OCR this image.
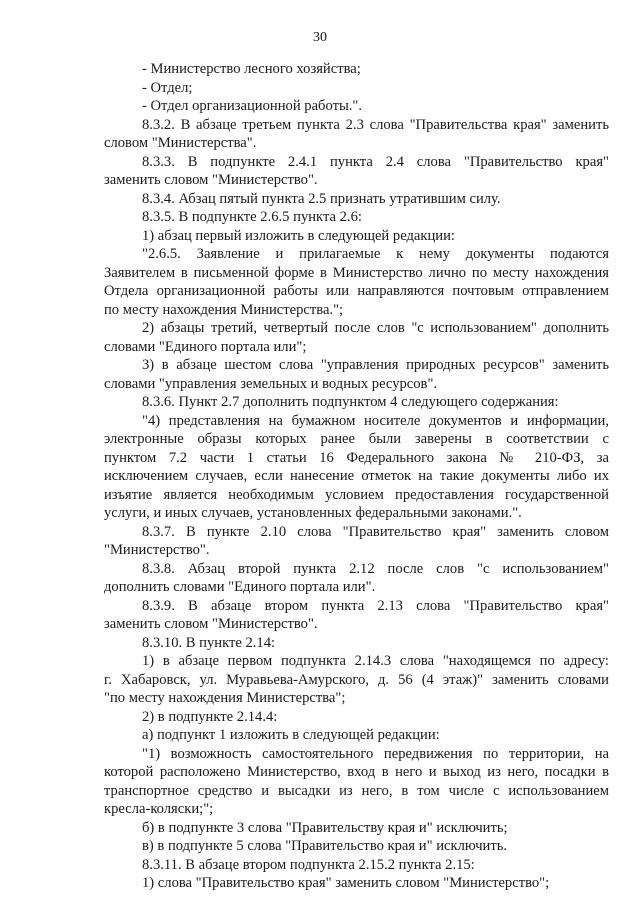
30
- Министерство лесного хозяйства;
- Отдел;
- Отдел организационной работы.".
8.3.2. В абзаце третьем пункта 2.3 слова "Правительства края" заменить
словом "Министерства".
8.3.3. В подпункте 2.4.1 пункта 2.4 слова "Правительство края"
заменить словом "Министерство".
8.3.4. Абзац пятый пункта 2.5 признать утратившим силу.
8.3.5. В подпункте 2.6.5 пункта 2.6:
1) абзац первый изложить в следующей редакции:
"2.6.5. Заявление и прилагаемые к нему документы подаются
Заявителем в письменной форме в Министерство лично по месту нахождения
Отдела организационной работы или направляются почтовым отправлением
по месту нахождения Министерства.";
2) абзацы третий, четвертый после слов "с использованием" дополнить
словами "Единого портала или";
3) в абзаце шестом слова "управления природных ресурсов" заменить
словами "управления земельных и водных ресурсов".
8.3.6. Пункт 2.7 дополнить подпунктом 4 следующего содержания:
"4) представления на бумажном носителе документов и информации,
электронные образы которых ранее были заверены в соответствии с
пунктом 7.2 части 1 статьи 16 Федерального закона № 210-ФЗ, за
исключением случаев, если нанесение отметок на такие документы либо их
изъятие является необходимым условием предоставления государственной
услуги, и иных случаев, установленных федеральными законами.".
8.3.7. В пункте 2.10 слова "Правительство края" заменить словом
"Министерство".
8.3.8. Абзац второй пункта 2.12 после слов "с использованием"
дополнить словами "Единого портала или".
8.3.9. В абзаце втором пункта 2.13 слова "Правительство края"
заменить словом "Министерство".
8.3.10. В пункте 2.14:
1) в абзаце первом подпункта 2.14.3 слова "находящемся по адресу:
г. Хабаровск, ул. Муравьева-Амурского, д. 56 (4 этаж)" заменить словами
"по месту нахождения Министерства";
2) в подпункте 2.14.4:
а) подпункт 1 изложить в следующей редакции:
"1) возможность самостоятельного передвижения по территории, на
которой расположено Министерство, вход в него и выход из него, посадки в
транспортное средство и высадки из него, в том числе с использованием
кресла-коляски;";
б) в подпункте 3 слова "Правительству края и" исключить;
в) в подпункте 5 слова "Правительство края и" исключить.
8.3.11. В абзаце втором подпункта 2.15.2 пункта 2.15:
1) слова "Правительство края" заменить словом "Министерство";
